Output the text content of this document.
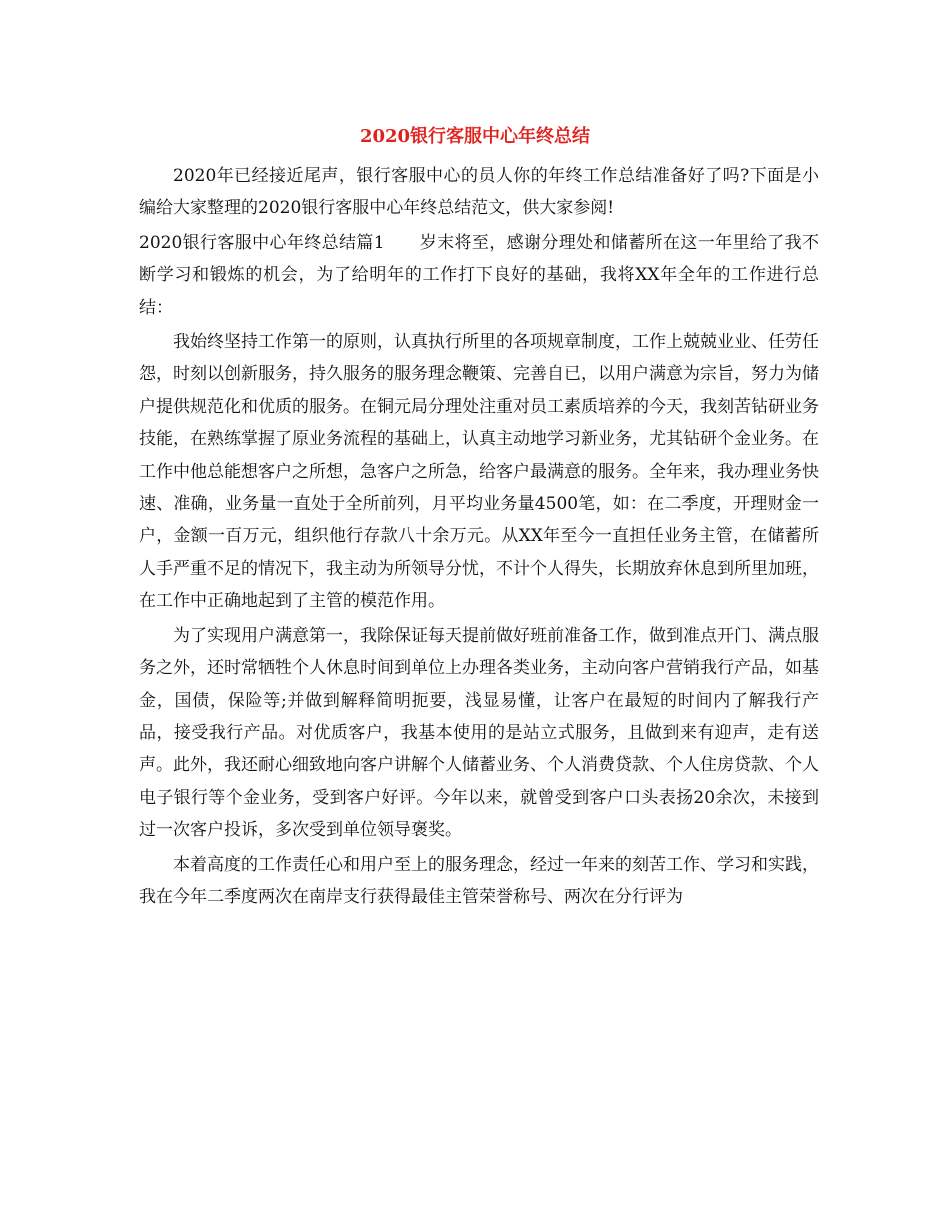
2020银行客服中心年终总结

2020年已经接近尾声，银行客服中心的员人你的年终工作总结准备好了吗?下面是小编给大家整理的2020银行客服中心年终总结范文，供大家参阅!

2020银行客服中心年终总结篇1　　岁末将至，感谢分理处和储蓄所在这一年里给了我不断学习和锻炼的机会，为了给明年的工作打下良好的基础，我将XX年全年的工作进行总结：

我始终坚持工作第一的原则，认真执行所里的各项规章制度，工作上兢兢业业、任劳任怨，时刻以创新服务，持久服务的服务理念鞭策、完善自已，以用户满意为宗旨，努力为储户提供规范化和优质的服务。在铜元局分理处注重对员工素质培养的今天，我刻苦钻研业务技能，在熟练掌握了原业务流程的基础上，认真主动地学习新业务，尤其钻研个金业务。在工作中他总能想客户之所想，急客户之所急，给客户最满意的服务。全年来，我办理业务快速、准确，业务量一直处于全所前列，月平均业务量4500笔，如：在二季度，开理财金一户，金额一百万元，组织他行存款八十余万元。从XX年至今一直担任业务主管，在储蓄所人手严重不足的情况下，我主动为所领导分忧，不计个人得失，长期放弃休息到所里加班，在工作中正确地起到了主管的模范作用。

为了实现用户满意第一，我除保证每天提前做好班前准备工作，做到准点开门、满点服务之外，还时常牺牲个人休息时间到单位上办理各类业务，主动向客户营销我行产品，如基金，国债，保险等;并做到解释简明扼要，浅显易懂，让客户在最短的时间内了解我行产品，接受我行产品。对优质客户，我基本使用的是站立式服务，且做到来有迎声，走有送声。此外，我还耐心细致地向客户讲解个人储蓄业务、个人消费贷款、个人住房贷款、个人电子银行等个金业务，受到客户好评。今年以来，就曾受到客户口头表扬20余次，未接到过一次客户投诉，多次受到单位领导褒奖。

本着高度的工作责任心和用户至上的服务理念，经过一年来的刻苦工作、学习和实践，我在今年二季度两次在南岸支行获得最佳主管荣誉称号、两次在分行评为
